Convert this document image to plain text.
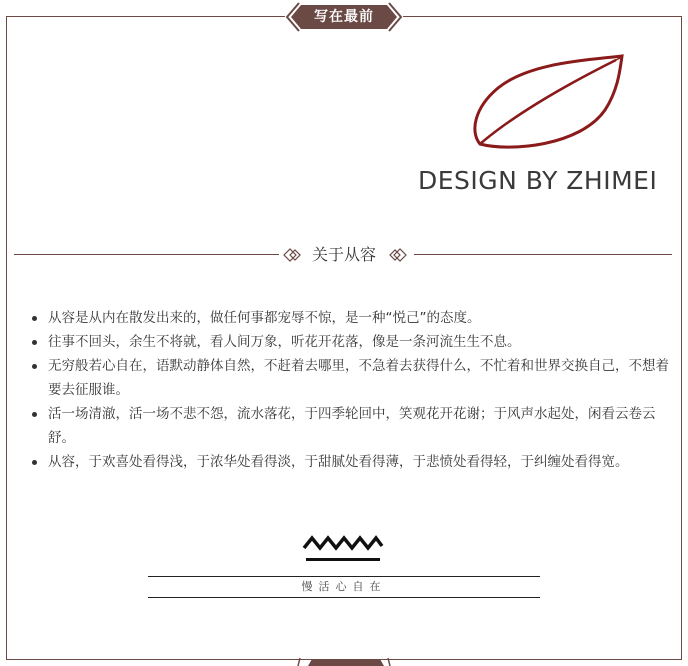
写在最前
DESIGN BY ZHIMEI
关于从容
从容是从内在散发出来的，做任何事都宠辱不惊，是一种“悦己”的态度。
往事不回头，余生不将就，看人间万象，听花开花落，像是一条河流生生不息。
无穷般若心自在，语默动静体自然，不赶着去哪里，不急着去获得什么，不忙着和世界交换自己，不想着要去征服谁。
活一场清澈，活一场不悲不怨，流水落花，于四季轮回中，笑观花开花谢；于风声水起处，闲看云卷云舒。
从容，于欢喜处看得浅，于浓华处看得淡，于甜腻处看得薄，于悲愤处看得轻，于纠缠处看得宽。
慢活心自在
